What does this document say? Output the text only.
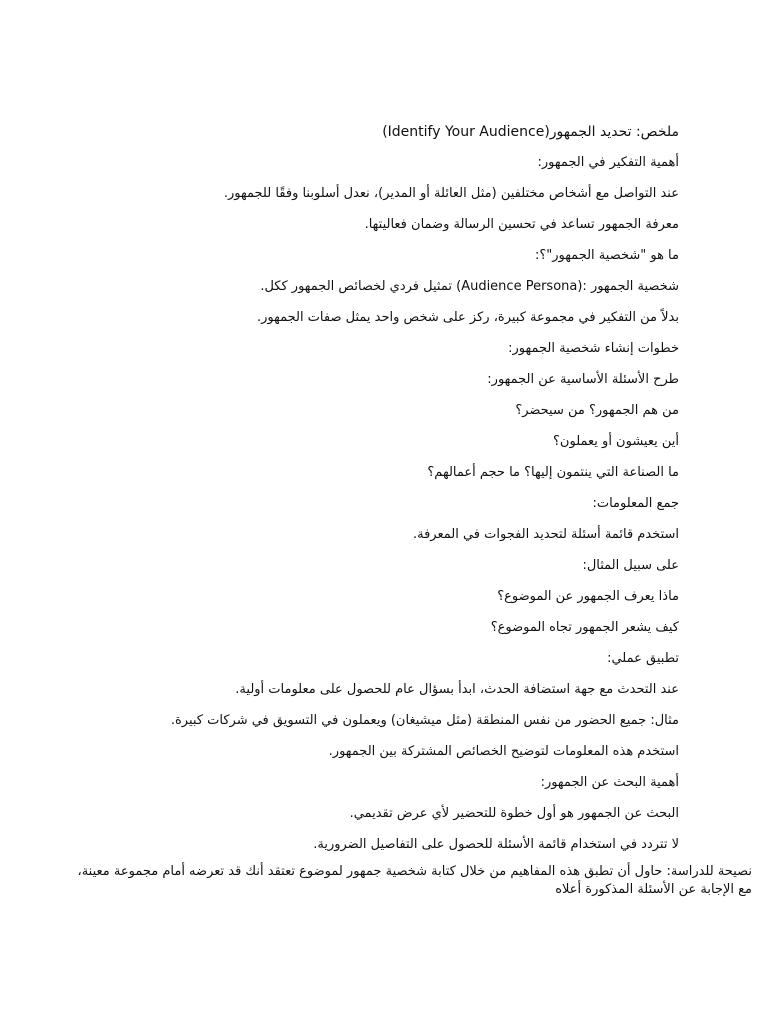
ملخص: تحديد الجمهور(Identify Your Audience)
أهمية التفكير في الجمهور:
عند التواصل مع أشخاص مختلفين (مثل العائلة أو المدير)، نعدل أسلوبنا وفقًا للجمهور.
معرفة الجمهور تساعد في تحسين الرسالة وضمان فعاليتها.
ما هو "شخصية الجمهور"؟:
شخصية الجمهور :(Audience Persona) تمثيل فردي لخصائص الجمهور ككل.
بدلاً من التفكير في مجموعة كبيرة، ركز على شخص واحد يمثل صفات الجمهور.
خطوات إنشاء شخصية الجمهور:
طرح الأسئلة الأساسية عن الجمهور:
من هم الجمهور؟ من سيحضر؟
أين يعيشون أو يعملون؟
ما الصناعة التي ينتمون إليها؟ ما حجم أعمالهم؟
جمع المعلومات:
استخدم قائمة أسئلة لتحديد الفجوات في المعرفة.
على سبيل المثال:
ماذا يعرف الجمهور عن الموضوع؟
كيف يشعر الجمهور تجاه الموضوع؟
تطبيق عملي:
عند التحدث مع جهة استضافة الحدث، ابدأ بسؤال عام للحصول على معلومات أولية.
مثال: جميع الحضور من نفس المنطقة (مثل ميشيغان) ويعملون في التسويق في شركات كبيرة.
استخدم هذه المعلومات لتوضيح الخصائص المشتركة بين الجمهور.
أهمية البحث عن الجمهور:
البحث عن الجمهور هو أول خطوة للتحضير لأي عرض تقديمي.
لا تتردد في استخدام قائمة الأسئلة للحصول على التفاصيل الضرورية.
نصيحة للدراسة: حاول أن تطبق هذه المفاهيم من خلال كتابة شخصية جمهور لموضوع تعتقد أنك قد تعرضه أمام مجموعة معينة، مع الإجابة عن الأسئلة المذكورة أعلاه
